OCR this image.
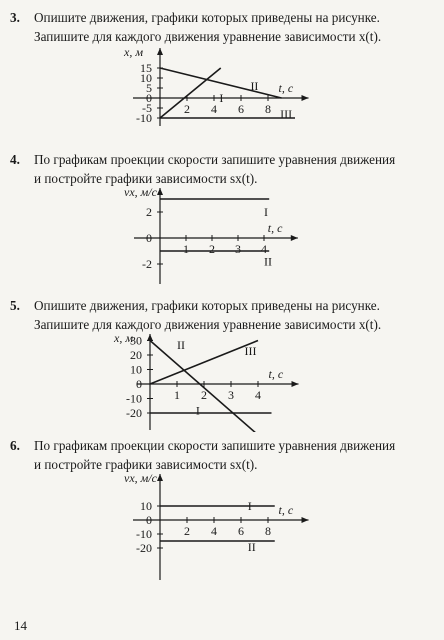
3.	Опишите движения, графики которых приведены на рисунке.
Запишите для каждого движения уравнение зависимости x(t).
x, м
t, c
15
10
5
0
-5
-10
2 4 6 8
I
II
III
4.	По графикам проекции скорости запишите уравнения движения
и постройте графики зависимости sx(t).
vx, м/с
t, c
2
0
-2
1 2 3 4
I
II
5.	Опишите движения, графики которых приведены на рисунке.
Запишите для каждого движения уравнение зависимости x(t).
x, м
t, c
30
20
10
0
-10
-20
1 2 3 4
I
II	III
6.	По графикам проекции скорости запишите уравнения движения
и постройте графики зависимости sx(t).
vx, м/с
t, c
10
0
-10
-20
2 4 6 8
I
II
14
